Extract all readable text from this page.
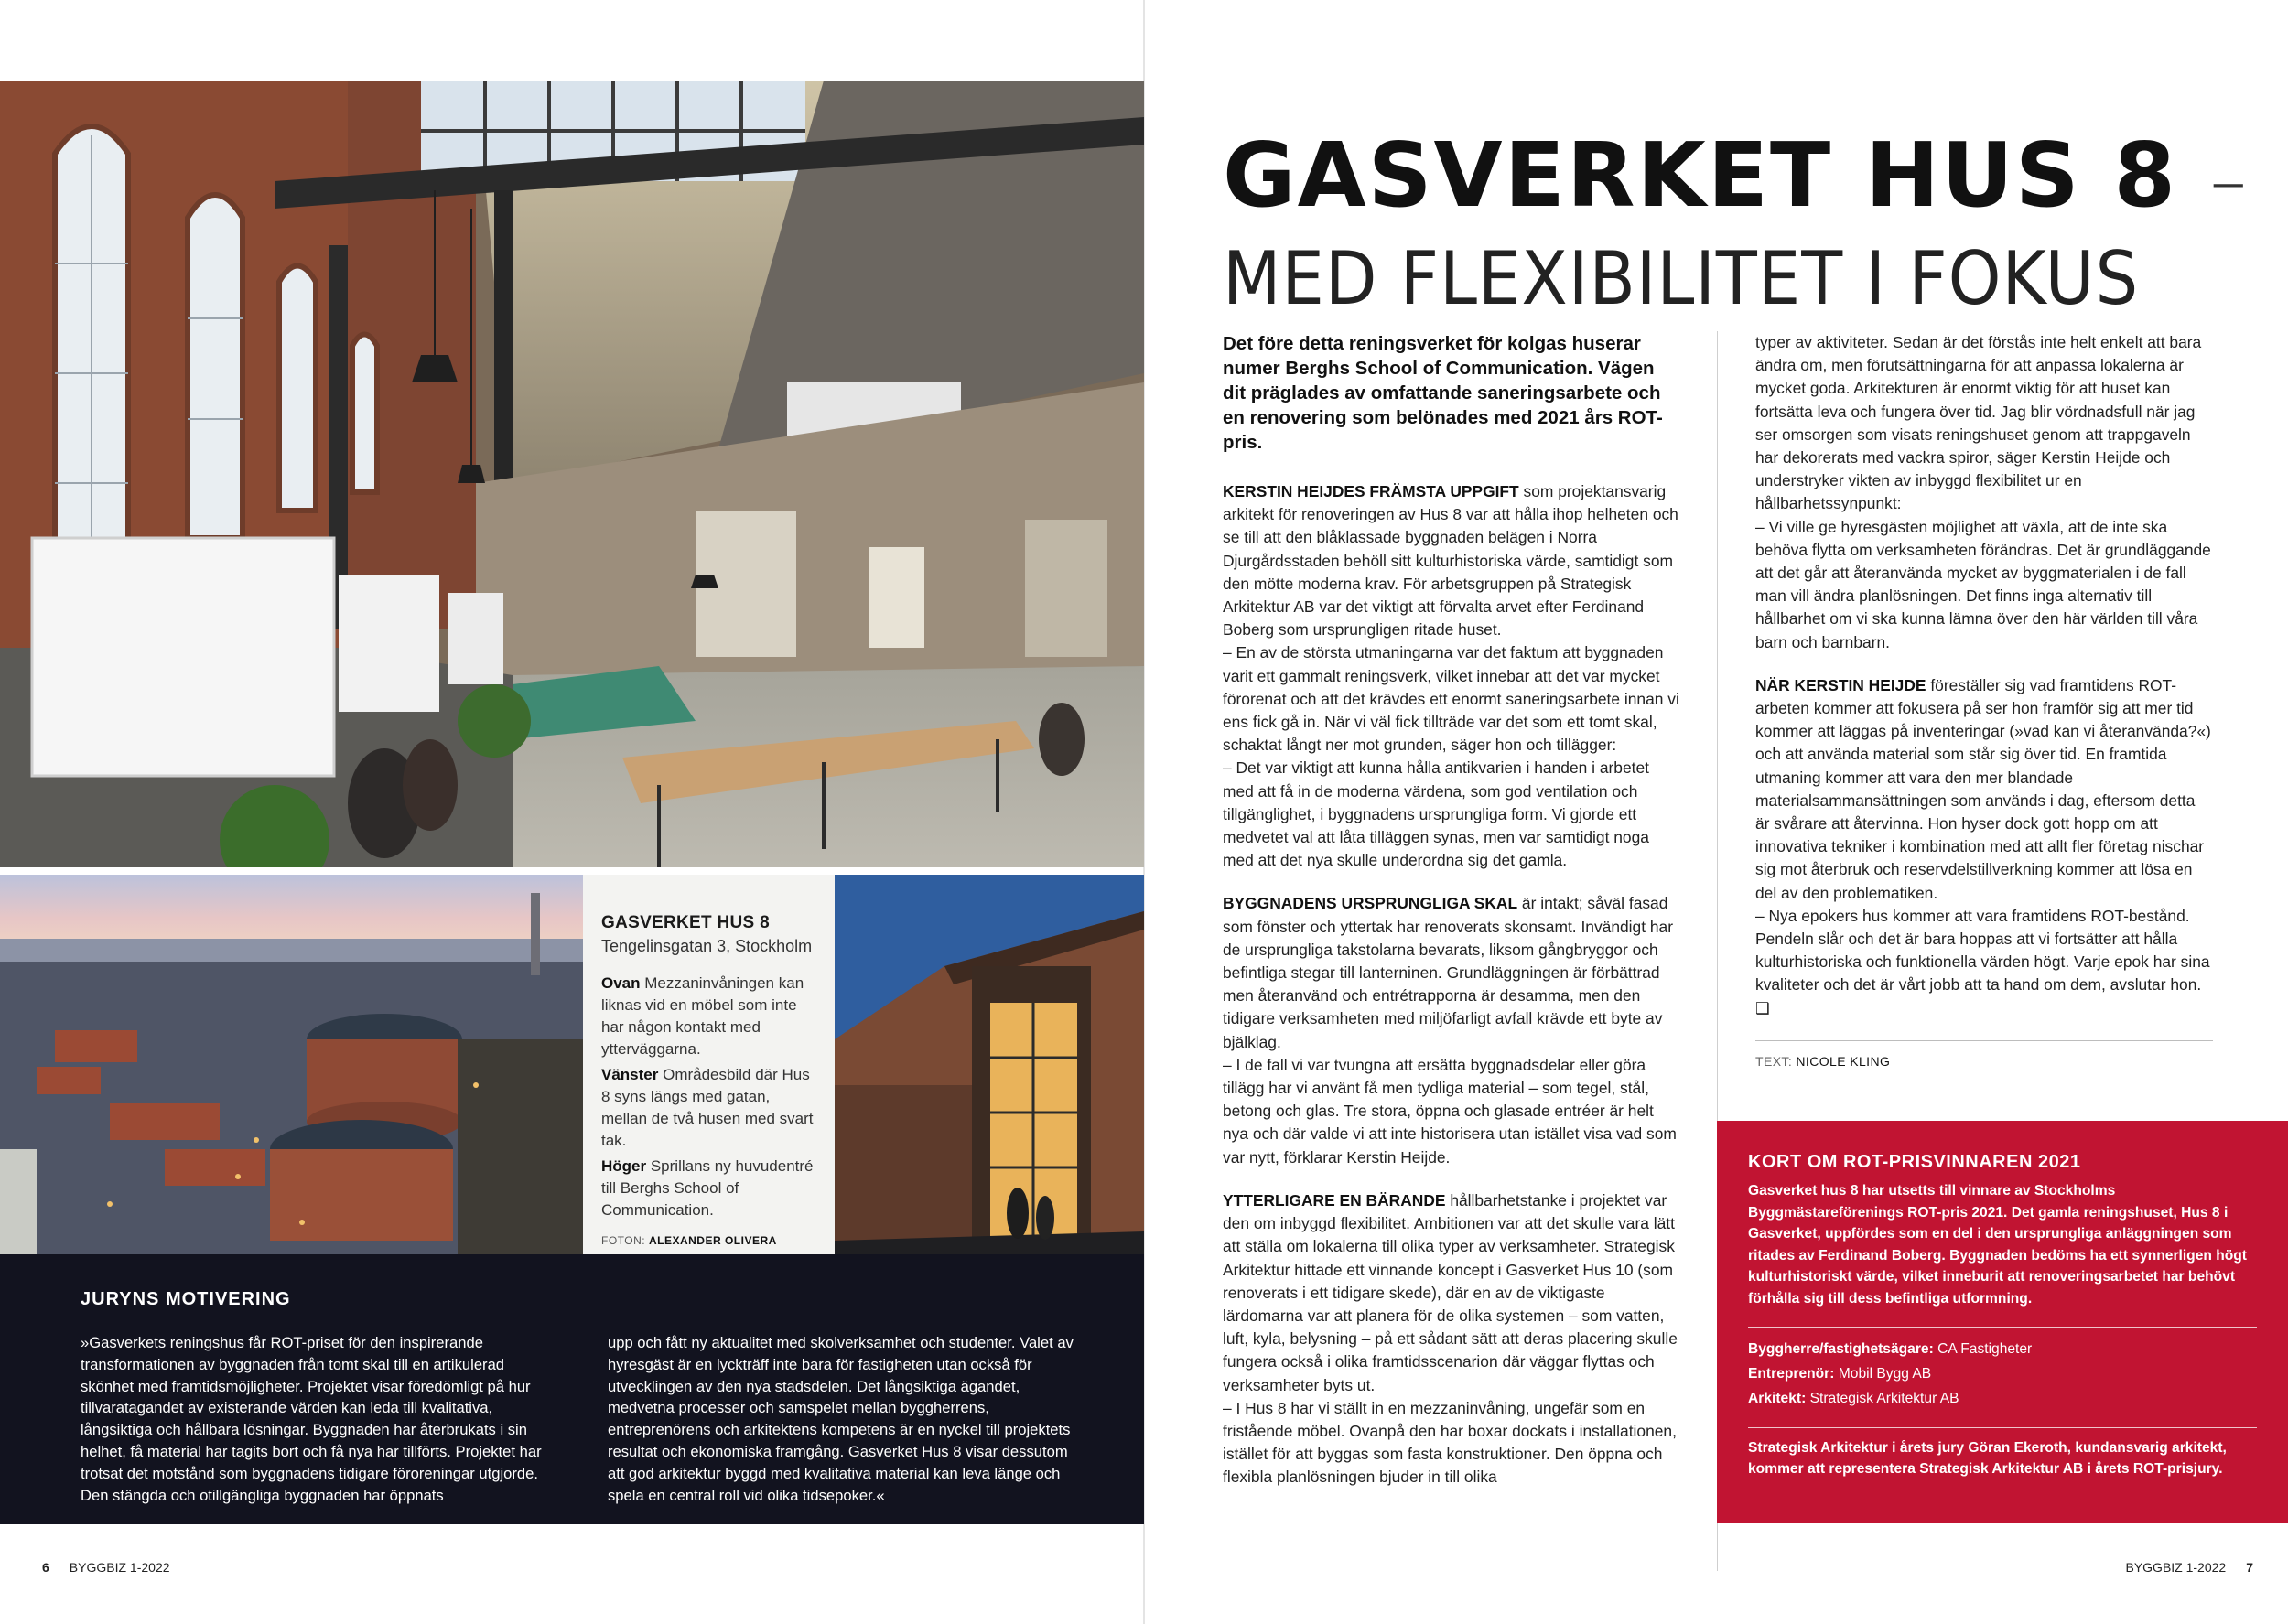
GASVERKET HUS 8
Tengelinsgatan 3, Stockholm
Ovan Mezzaninvåningen kan liknas vid en möbel som inte har någon kontakt med ytterväggarna.
Vänster Områdesbild där Hus 8 syns längs med gatan, mellan de två husen med svart tak.
Höger Sprillans ny huvudentré till Berghs School of Communication.
FOTON: ALEXANDER OLIVERA
JURYNS MOTIVERING
»Gasverkets reningshus får ROT-priset för den inspirerande transformationen av byggnaden från tomt skal till en artikulerad skönhet med framtidsmöjligheter. Projektet visar föredömligt på hur tillvaratagandet av existerande värden kan leda till kvalitativa, långsiktiga och hållbara lösningar. Byggnaden har återbrukats i sin helhet, få material har tagits bort och få nya har tillförts. Projektet har trotsat det motstånd som byggnadens tidigare föroreningar utgjorde. Den stängda och otillgängliga byggnaden har öppnats
upp och fått ny aktualitet med skolverksamhet och studenter. Valet av hyresgäst är en lyckträff inte bara för fastigheten utan också för utvecklingen av den nya stadsdelen. Det långsiktiga ägandet, medvetna processer och samspelet mellan byggherrens, entreprenörens och arkitektens kompetens är en nyckel till projektets resultat och ekonomiska framgång. Gasverket Hus 8 visar dessutom att god arkitektur byggd med kvalitativa material kan leva länge och spela en central roll vid olika tidsepoker.«
6 BYGGBIZ 1-2022	BYGGBIZ 1-2022 7
GASVERKET HUS 8 –
MED FLEXIBILITET I FOKUS
Det före detta reningsverket för kolgas huserar numer Berghs School of Communication. Vägen dit präglades av omfattande saneringsarbete och en renovering som belönades med 2021 års ROT-pris.

KERSTIN HEIJDES FRÄMSTA UPPGIFT som projektansvarig arkitekt för renoveringen av Hus 8 var att hålla ihop helheten och se till att den blåklassade byggnaden belägen i Norra Djurgårdsstaden behöll sitt kulturhistoriska värde, samtidigt som den mötte moderna krav. För arbetsgruppen på Strategisk Arkitektur AB var det viktigt att förvalta arvet efter Ferdinand Boberg som ursprungligen ritade huset.

– En av de största utmaningarna var det faktum att byggnaden varit ett gammalt reningsverk, vilket innebar att det var mycket förorenat och att det krävdes ett enormt saneringsarbete innan vi ens fick gå in. När vi väl fick tillträde var det som ett tomt skal, schaktat långt ner mot grunden, säger hon och tillägger:

– Det var viktigt att kunna hålla antikvarien i handen i arbetet med att få in de moderna värdena, som god ventilation och tillgänglighet, i byggnadens ursprungliga form. Vi gjorde ett medvetet val att låta tilläggen synas, men var samtidigt noga med att det nya skulle underordna sig det gamla.

BYGGNADENS URSPRUNGLIGA SKAL är intakt; såväl fasad som fönster och yttertak har renoverats skonsamt. Invändigt har de ursprungliga takstolarna bevarats, liksom gångbryggor och befintliga stegar till lanterninen. Grundläggningen är förbättrad men återanvänd och entrétrapporna är desamma, men den tidigare verksamheten med miljöfarligt avfall krävde ett byte av bjälklag.

– I de fall vi var tvungna att ersätta byggnadsdelar eller göra tillägg har vi använt få men tydliga material – som tegel, stål, betong och glas. Tre stora, öppna och glasade entréer är helt nya och där valde vi att inte historisera utan istället visa vad som var nytt, förklarar Kerstin Heijde.

YTTERLIGARE EN BÄRANDE hållbarhetstanke i projektet var den om inbyggd flexibilitet. Ambitionen var att det skulle vara lätt att ställa om lokalerna till olika typer av verksamheter. Strategisk Arkitektur hittade ett vinnande koncept i Gasverket Hus 10 (som renoverats i ett tidigare skede), där en av de viktigaste lärdomarna var att planera för de olika systemen – som vatten, luft, kyla, belysning – på ett sådant sätt att deras placering skulle fungera också i olika framtidsscenarion där väggar flyttas och verksamheter byts ut.

– I Hus 8 har vi ställt in en mezzaninvåning, ungefär som en fristående möbel. Ovanpå den har boxar dockats i installationen, istället för att byggas som fasta konstruktioner. Den öppna och flexibla planlösningen bjuder in till olika

typer av aktiviteter. Sedan är det förstås inte helt enkelt att bara ändra om, men förutsättningarna för att anpassa lokalerna är mycket goda. Arkitekturen är enormt viktig för att huset kan fortsätta leva och fungera över tid. Jag blir vördnadsfull när jag ser omsorgen som visats reningshuset genom att trappgaveln har dekorerats med vackra spiror, säger Kerstin Heijde och understryker vikten av inbyggd flexibilitet ur en hållbarhetssynpunkt:

– Vi ville ge hyresgästen möjlighet att växla, att de inte ska behöva flytta om verksamheten förändras. Det är grundläggande att det går att återanvända mycket av byggmaterialen i de fall man vill ändra planlösningen. Det finns inga alternativ till hållbarhet om vi ska kunna lämna över den här världen till våra barn och barnbarn.

NÄR KERSTIN HEIJDE föreställer sig vad framtidens ROT-arbeten kommer att fokusera på ser hon framför sig att mer tid kommer att läggas på inventeringar (»vad kan vi återanvända?«) och att använda material som står sig över tid. En framtida utmaning kommer att vara den mer blandade materialsammansättningen som används i dag, eftersom detta är svårare att återvinna. Hon hyser dock gott hopp om att innovativa tekniker i kombination med att allt fler företag nischar sig mot återbruk och reservdelstillverkning kommer att lösa en del av den problematiken.

– Nya epokers hus kommer att vara framtidens ROT-bestånd. Pendeln slår och det är bara hoppas att vi fortsätter att hålla kulturhistoriska och funktionella värden högt. Varje epok har sina kvaliteter och det är vårt jobb att ta hand om dem, avslutar hon. ❑

TEXT: NICOLE KLING
KORT OM ROT-PRISVINNAREN 2021
Gasverket hus 8 har utsetts till vinnare av Stockholms Byggmästareförenings ROT-pris 2021. Det gamla reningshuset, Hus 8 i Gasverket, uppfördes som en del i den ursprungliga anläggningen som ritades av Ferdinand Boberg. Byggnaden bedöms ha ett synnerligen högt kulturhistoriskt värde, vilket inneburit att renoveringsarbetet har behövt förhålla sig till dess befintliga utformning.
Byggherre/fastighetsägare: CA Fastigheter
Entreprenör: Mobil Bygg AB
Arkitekt: Strategisk Arkitektur AB
Strategisk Arkitektur i årets jury Göran Ekeroth, kundansvarig arkitekt, kommer att representera Strategisk Arkitektur AB i årets ROT-prisjury.
